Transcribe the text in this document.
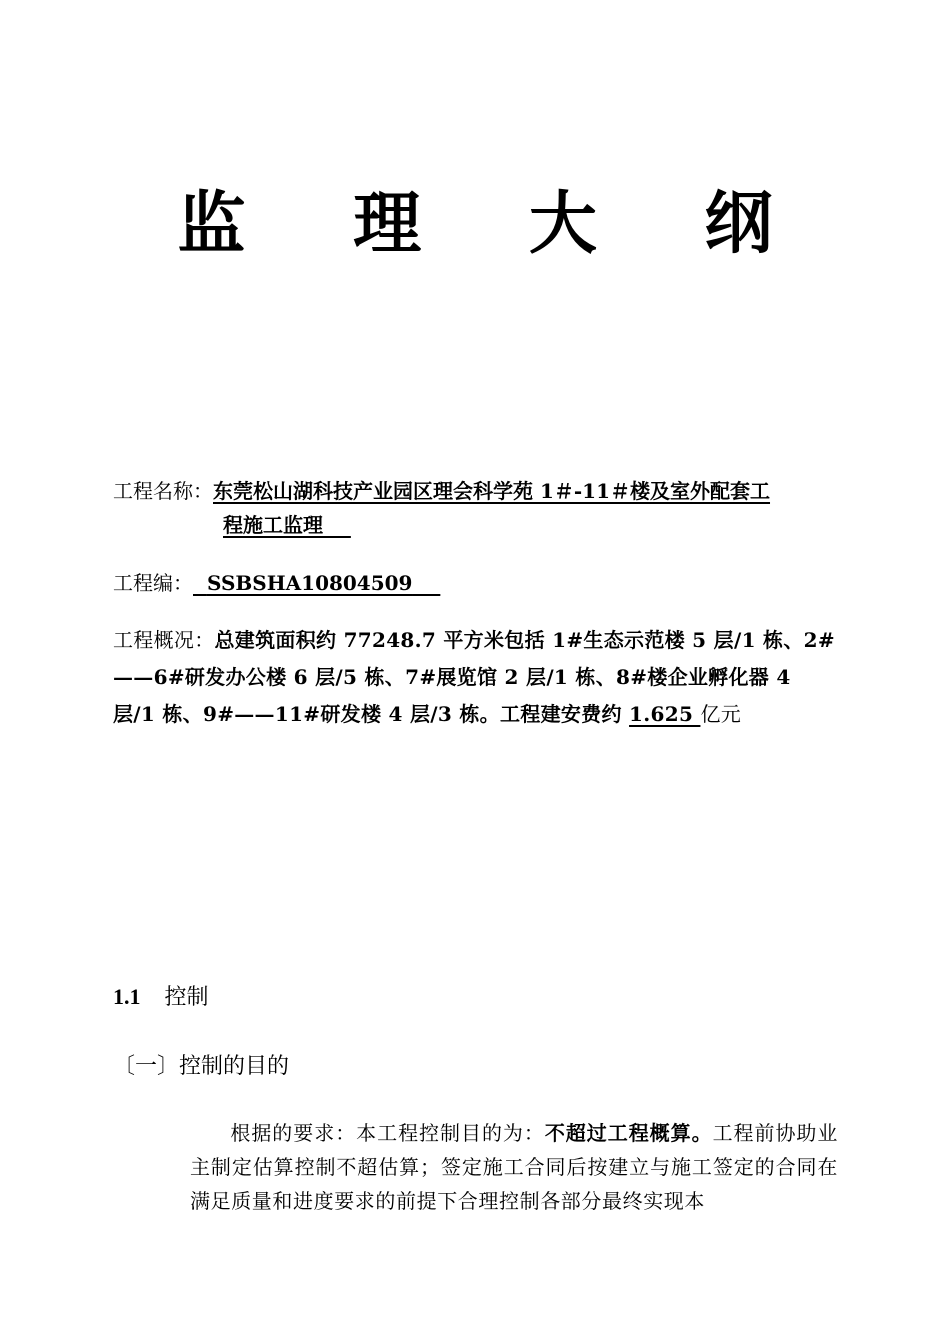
监 理 大 纲
工程名称：东莞松山湖科技产业园区理会科学苑 1＃-11＃楼及室外配套工
程施工监理
工程编： SSBSHA10804509
工程概况：总建筑面积约 77248.7 平方米包括 1#生态示范楼 5 层/1 栋、2#——6#研发办公楼 6 层/5 栋、7#展览馆 2 层/1 栋、8#楼企业孵化器 4 层/1 栋、9#——11#研发楼 4 层/3 栋。工程建安费约 1.625 亿元
1.1 控制
〔一〕控制的目的
根据的要求：本工程控制目的为：不超过工程概算。工程前协助业主制定估算控制不超估算；签定施工合同后按建立与施工签定的合同在满足质量和进度要求的前提下合理控制各部分最终实现本
